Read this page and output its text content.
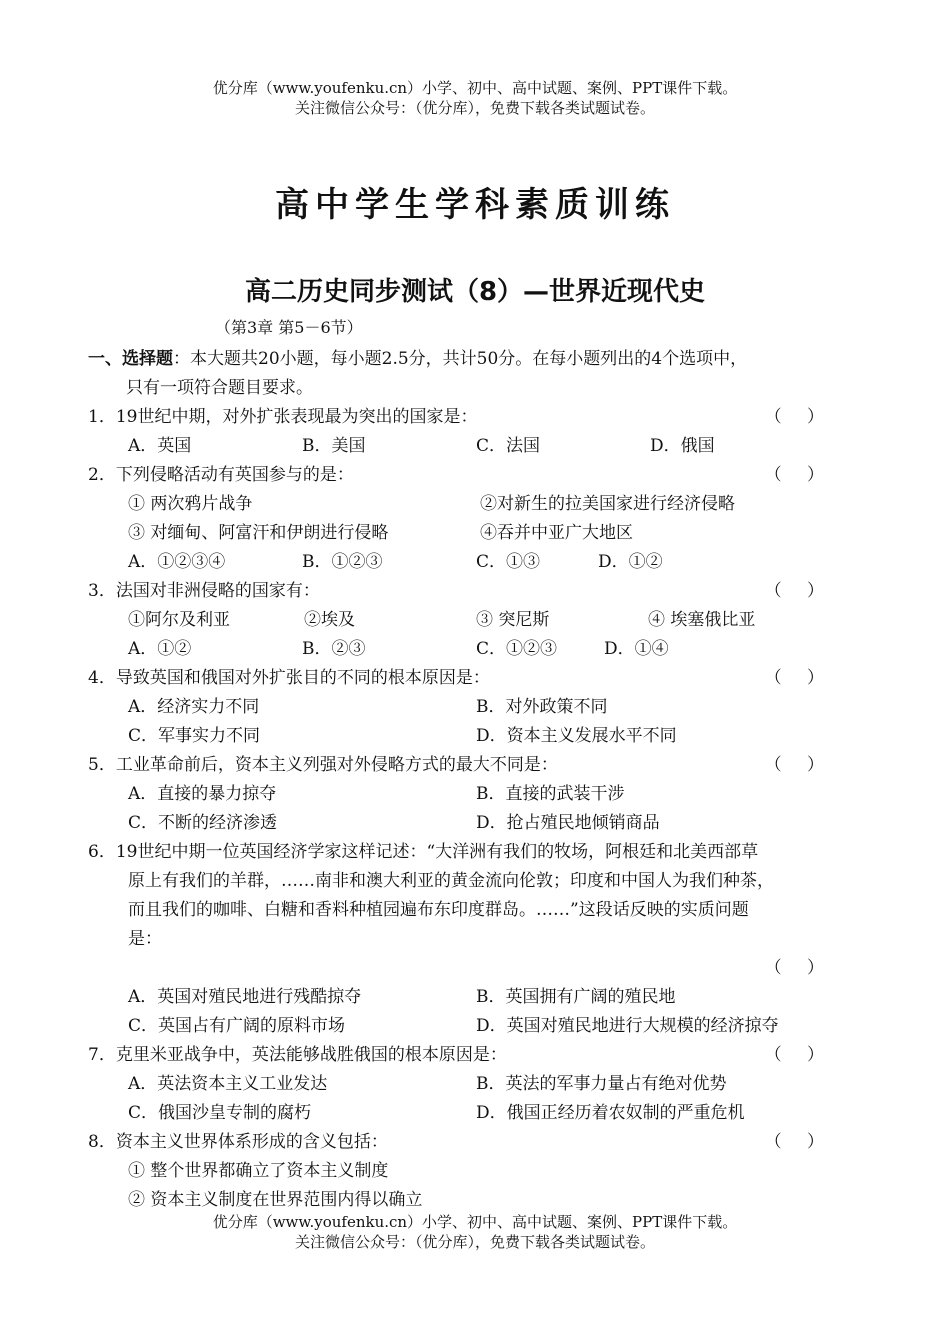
优分库（www.youfenku.cn）小学、初中、高中试题、案例、PPT课件下载。
关注微信公众号：（优分库），免费下载各类试题试卷。
高中学生学科素质训练
高二历史同步测试（8）—世界近现代史
（第3章 第5－6节）
一、选择题：本大题共20小题，每小题2.5分，共计50分。在每小题列出的4个选项中，
只有一项符合题目要求。
1．19世纪中期，对外扩张表现最为突出的国家是：	（ ）
A．英国	B．美国	C．法国	D．俄国
2．下列侵略活动有英国参与的是：	（ ）
① 两次鸦片战争	②对新生的拉美国家进行经济侵略
③ 对缅甸、阿富汗和伊朗进行侵略	④吞并中亚广大地区
A．①②③④	B．①②③	C．①③	D．①②
3．法国对非洲侵略的国家有：	（ ）
①阿尔及利亚	②埃及	③ 突尼斯	④ 埃塞俄比亚
A．①②	B．②③	C．①②③	D．①④
4．导致英国和俄国对外扩张目的不同的根本原因是：	（ ）
A．经济实力不同	B．对外政策不同
C．军事实力不同	D．资本主义发展水平不同
5．工业革命前后，资本主义列强对外侵略方式的最大不同是：	（ ）
A．直接的暴力掠夺	B．直接的武装干涉
C．不断的经济渗透	D．抢占殖民地倾销商品
6．19世纪中期一位英国经济学家这样记述：“大洋洲有我们的牧场，阿根廷和北美西部草
原上有我们的羊群，……南非和澳大利亚的黄金流向伦敦；印度和中国人为我们种茶，
而且我们的咖啡、白糖和香料种植园遍布东印度群岛。……”这段话反映的实质问题
是：
（ ）
A．英国对殖民地进行残酷掠夺	B．英国拥有广阔的殖民地
C．英国占有广阔的原料市场	D．英国对殖民地进行大规模的经济掠夺
7．克里米亚战争中，英法能够战胜俄国的根本原因是：	（ ）
A．英法资本主义工业发达	B．英法的军事力量占有绝对优势
C．俄国沙皇专制的腐朽	D．俄国正经历着农奴制的严重危机
8．资本主义世界体系形成的含义包括：	（ ）
① 整个世界都确立了资本主义制度
② 资本主义制度在世界范围内得以确立
优分库（www.youfenku.cn）小学、初中、高中试题、案例、PPT课件下载。
关注微信公众号：（优分库），免费下载各类试题试卷。
